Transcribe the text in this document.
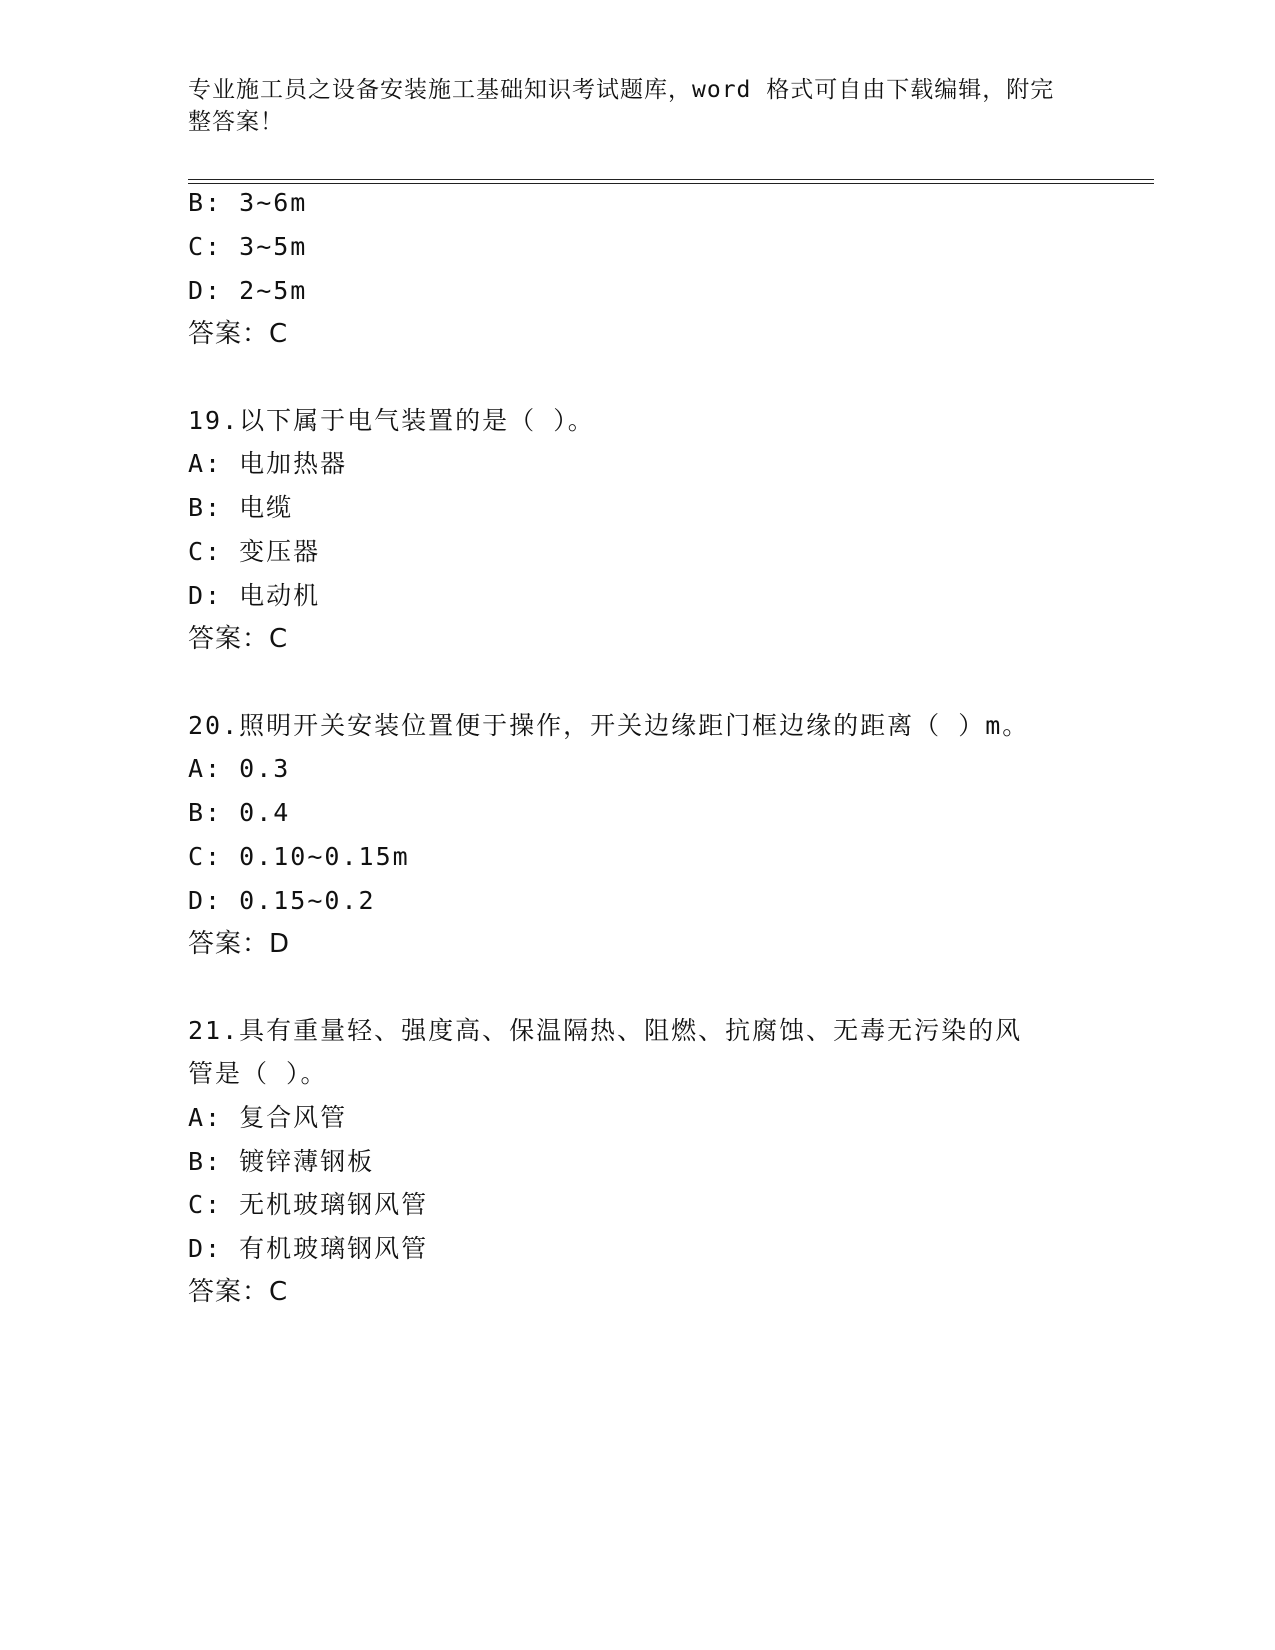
专业施工员之设备安装施工基础知识考试题库，word 格式可自由下载编辑，附完整答案！
B: 3~6m
C: 3~5m
D: 2~5m
答案：C
19.以下属于电气装置的是（ ）。
A: 电加热器
B: 电缆
C: 变压器
D: 电动机
答案：C
20.照明开关安装位置便于操作，开关边缘距门框边缘的距离（ ）m。
A: 0.3
B: 0.4
C: 0.10~0.15m
D: 0.15~0.2
答案：D
21.具有重量轻、强度高、保温隔热、阻燃、抗腐蚀、无毒无污染的风
管是（ ）。
A: 复合风管
B: 镀锌薄钢板
C: 无机玻璃钢风管
D: 有机玻璃钢风管
答案：C
